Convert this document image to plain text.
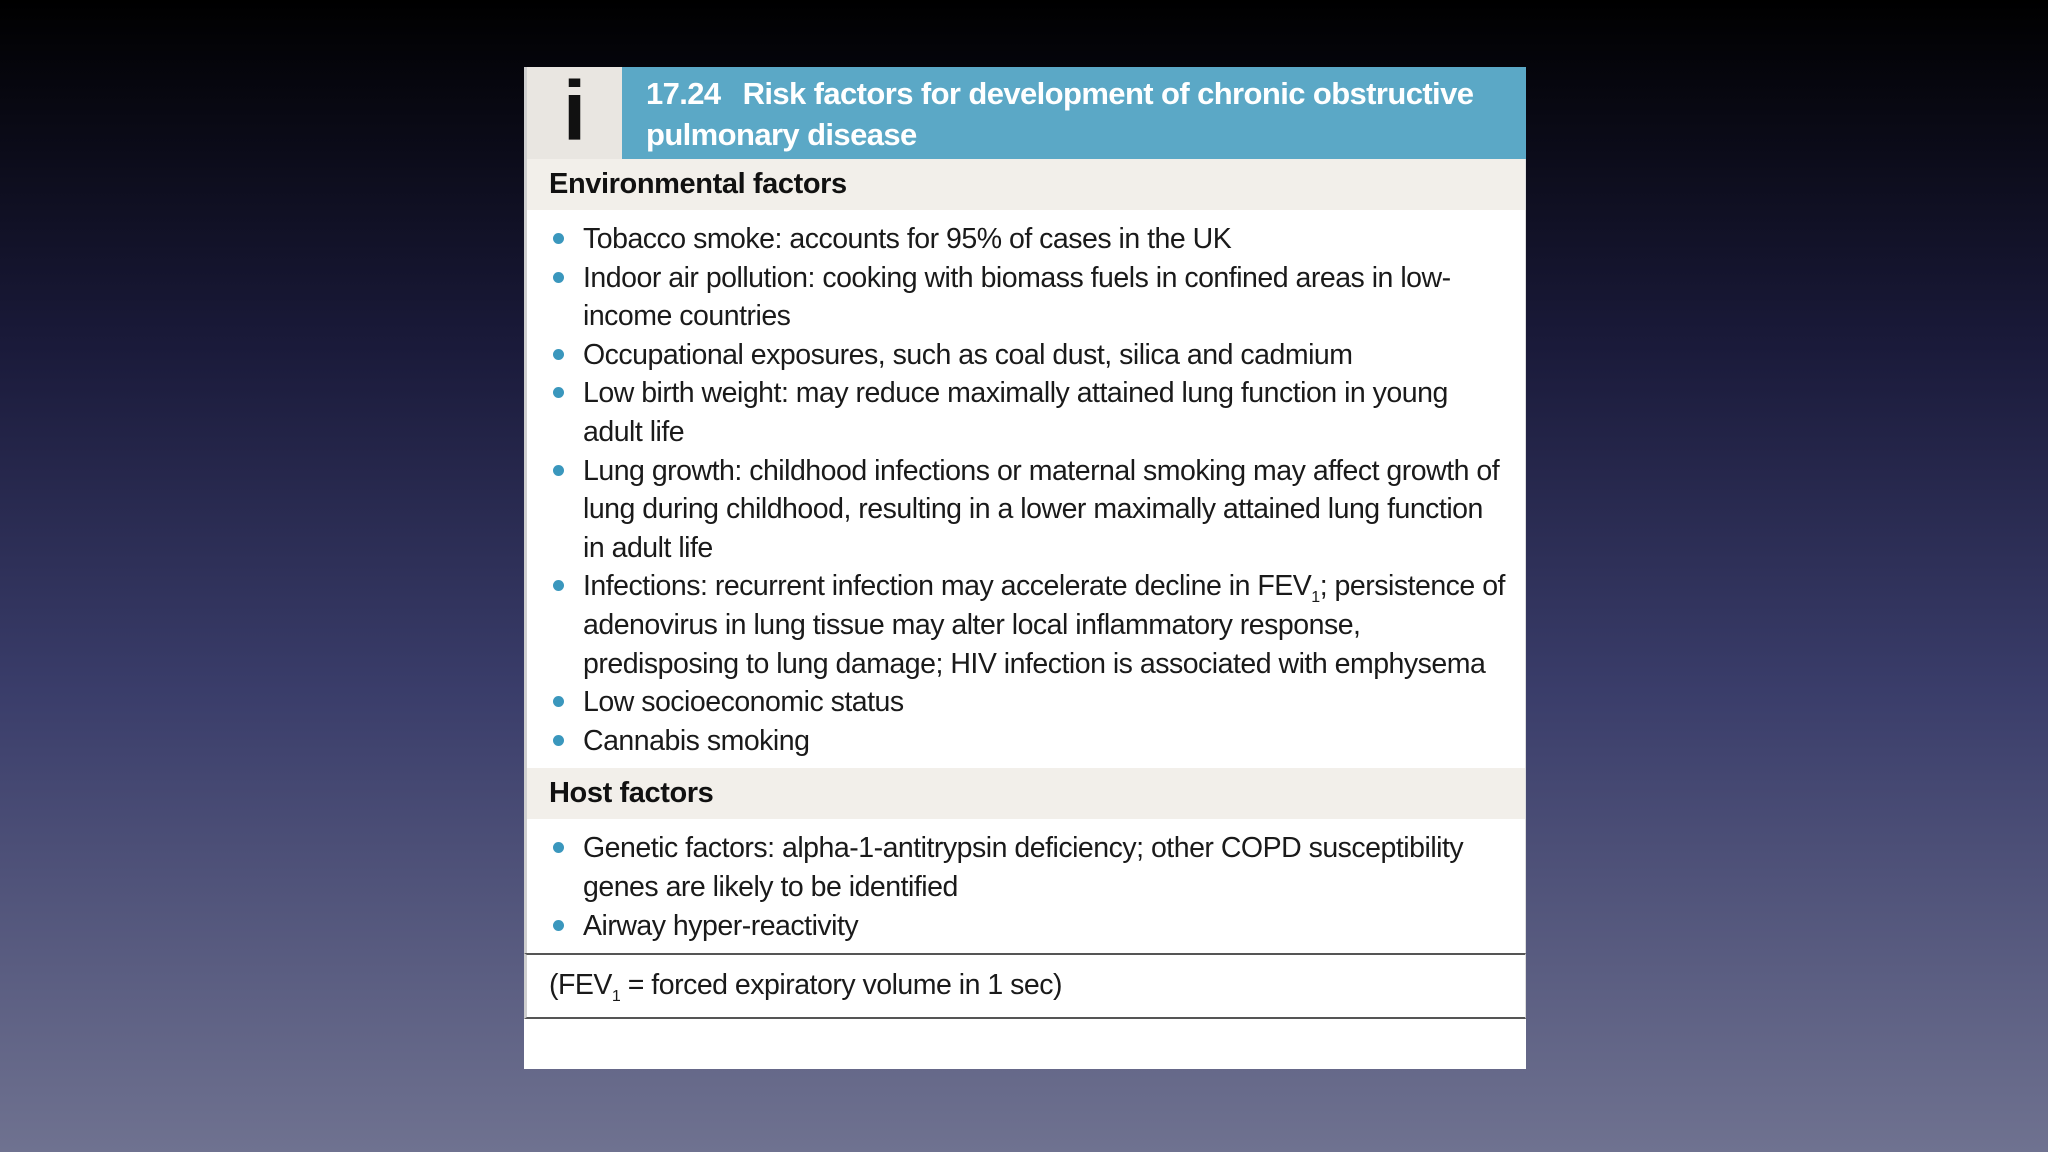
i 17.24 Risk factors for development of chronic obstructive
pulmonary disease
Environmental factors
Tobacco smoke: accounts for 95% of cases in the UK
Indoor air pollution: cooking with biomass fuels in confined areas in low-income countries
Occupational exposures, such as coal dust, silica and cadmium
Low birth weight: may reduce maximally attained lung function in young adult life
Lung growth: childhood infections or maternal smoking may affect growth of lung during childhood, resulting in a lower maximally attained lung function in adult life
Infections: recurrent infection may accelerate decline in $FEV_1$; persistence of adenovirus in lung tissue may alter local inflammatory response, predisposing to lung damage; HIV infection is associated with emphysema
Low socioeconomic status
Cannabis smoking
Host factors
Genetic factors: alpha-1-antitrypsin deficiency; other COPD susceptibility genes are likely to be identified
Airway hyper-reactivity
($FEV_1$ = forced expiratory volume in 1 sec)
